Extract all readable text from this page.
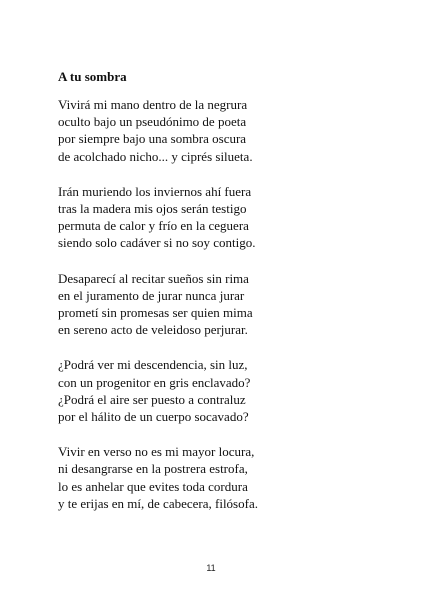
A tu sombra
Vivirá mi mano dentro de la negrura
oculto bajo un pseudónimo de poeta
por siempre bajo una sombra oscura
de acolchado nicho... y ciprés silueta.
Irán muriendo los inviernos ahí fuera
tras la madera mis ojos serán testigo
permuta de calor y frío en la ceguera
siendo solo cadáver si no soy contigo.
Desaparecí al recitar sueños sin rima
en el juramento de jurar nunca jurar
prometí sin promesas ser quien mima
en sereno acto de veleidoso perjurar.
¿Podrá ver mi descendencia, sin luz,
con un progenitor en gris enclavado?
¿Podrá el aire ser puesto a contraluz
por el hálito de un cuerpo socavado?
Vivir en verso no es mi mayor locura,
ni desangrarse en la postrera estrofa,
lo es anhelar que evites toda cordura
y te erijas en mí, de cabecera, filósofa.
11
